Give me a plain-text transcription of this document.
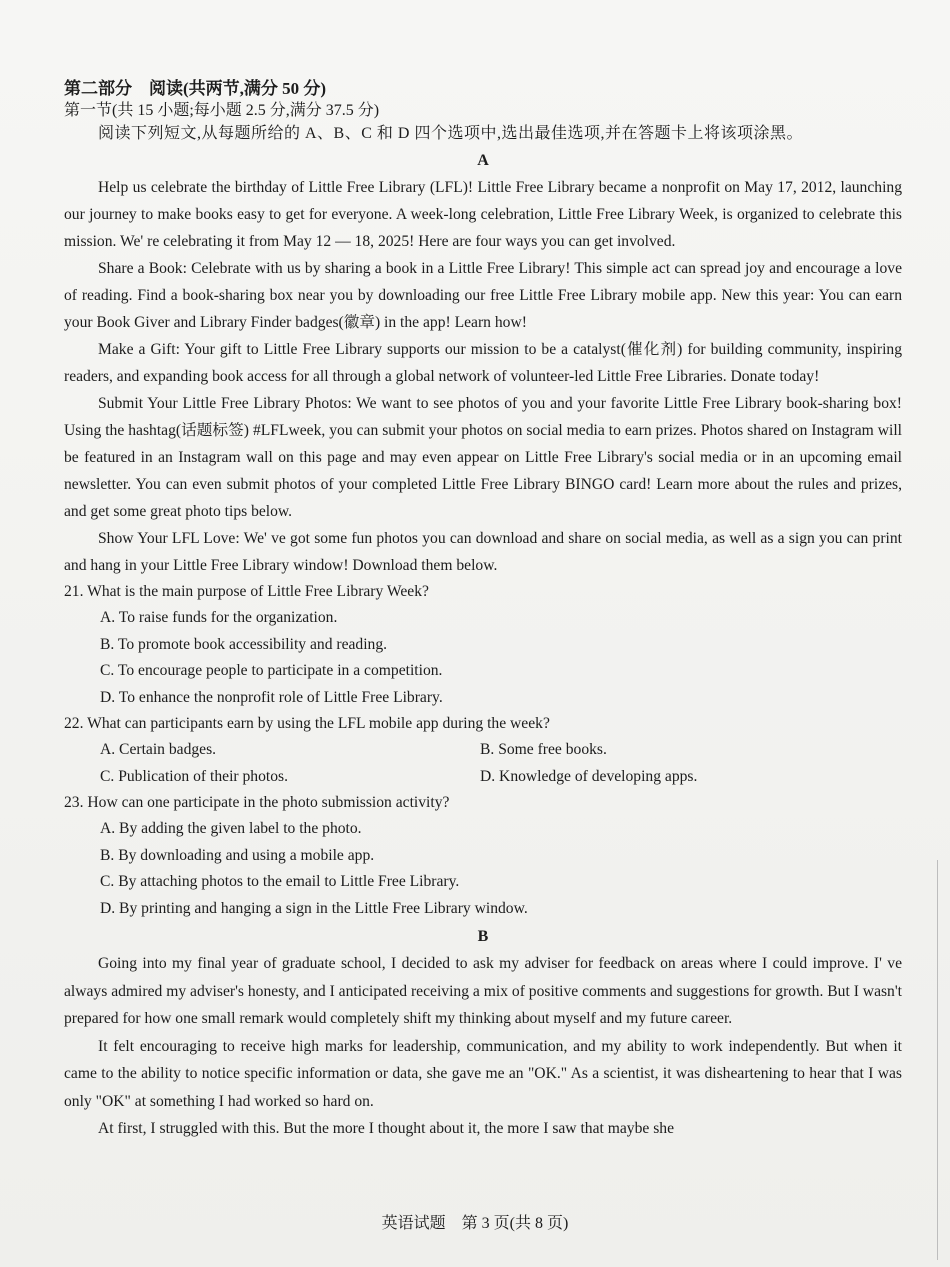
第二部分　阅读(共两节,满分 50 分)

第一节(共 15 小题;每小题 2.5 分,满分 37.5 分)

阅读下列短文,从每题所给的 A、B、C 和 D 四个选项中,选出最佳选项,并在答题卡上将该项涂黑。

A

Help us celebrate the birthday of Little Free Library (LFL)! Little Free Library became a nonprofit on May 17, 2012, launching our journey to make books easy to get for everyone. A week-long celebration, Little Free Library Week, is organized to celebrate this mission. We' re celebrating it from May 12 — 18, 2025! Here are four ways you can get involved.

Share a Book: Celebrate with us by sharing a book in a Little Free Library! This simple act can spread joy and encourage a love of reading. Find a book-sharing box near you by downloading our free Little Free Library mobile app. New this year: You can earn your Book Giver and Library Finder badges(徽章) in the app! Learn how!

Make a Gift: Your gift to Little Free Library supports our mission to be a catalyst(催化剂) for building community, inspiring readers, and expanding book access for all through a global network of volunteer-led Little Free Libraries. Donate today!

Submit Your Little Free Library Photos: We want to see photos of you and your favorite Little Free Library book-sharing box! Using the hashtag(话题标签) #LFLweek, you can submit your photos on social media to earn prizes. Photos shared on Instagram will be featured in an Instagram wall on this page and may even appear on Little Free Library's social media or in an upcoming email newsletter. You can even submit photos of your completed Little Free Library BINGO card! Learn more about the rules and prizes, and get some great photo tips below.

Show Your LFL Love: We' ve got some fun photos you can download and share on social media, as well as a sign you can print and hang in your Little Free Library window! Download them below.

21. What is the main purpose of Little Free Library Week?

A. To raise funds for the organization.

B. To promote book accessibility and reading.

C. To encourage people to participate in a competition.

D. To enhance the nonprofit role of Little Free Library.

22. What can participants earn by using the LFL mobile app during the week?

A. Certain badges.	B. Some free books.
C. Publication of their photos.	D. Knowledge of developing apps.

23. How can one participate in the photo submission activity?

A. By adding the given label to the photo.

B. By downloading and using a mobile app.

C. By attaching photos to the email to Little Free Library.

D. By printing and hanging a sign in the Little Free Library window.

B

Going into my final year of graduate school, I decided to ask my adviser for feedback on areas where I could improve. I' ve always admired my adviser's honesty, and I anticipated receiving a mix of positive comments and suggestions for growth. But I wasn't prepared for how one small remark would completely shift my thinking about myself and my future career.

It felt encouraging to receive high marks for leadership, communication, and my ability to work independently. But when it came to the ability to notice specific information or data, she gave me an "OK." As a scientist, it was disheartening to hear that I was only "OK" at something I had worked so hard on.

At first, I struggled with this. But the more I thought about it, the more I saw that maybe she

英语试题　第 3 页(共 8 页)
